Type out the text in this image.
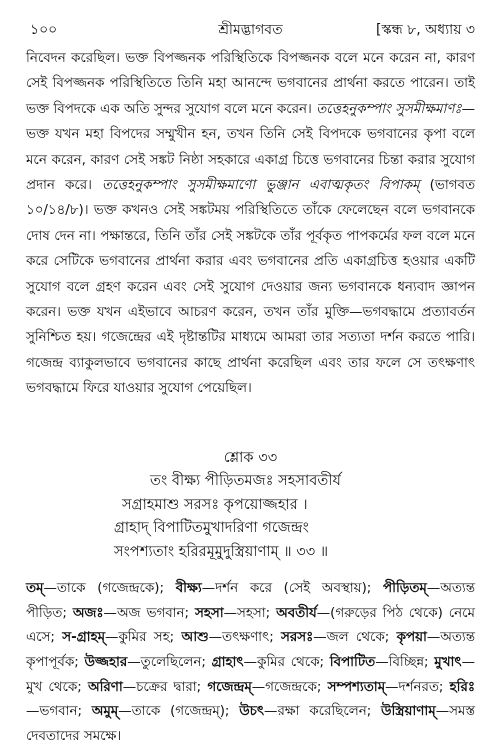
১০০	শ্রীমদ্ভাগবত	[স্কন্ধ ৮, অধ্যায় ৩

নিবেদন করেছিল। ভক্ত বিপজ্জনক পরিস্থিতিকে বিপজ্জনক বলে মনে করেন না, কারণ সেই বিপজ্জনক পরিস্থিতিতে তিনি মহা আনন্দে ভগবানের প্রার্থনা করতে পারেন। তাই ভক্ত বিপদকে এক অতি সুন্দর সুযোগ বলে মনে করেন। তত্তেহনুকম্পাং সুসমীক্ষমাণঃ—ভক্ত যখন মহা বিপদের সম্মুখীন হন, তখন তিনি সেই বিপদকে ভগবানের কৃপা বলে মনে করেন, কারণ সেই সঙ্কট নিষ্ঠা সহকারে একাগ্র চিত্তে ভগবানের চিন্তা করার সুযোগ প্রদান করে। তত্তেহনুকম্পাং সুসমীক্ষমাণো ভুঞ্জান এবাত্মকৃতং বিপাকম্ (ভাগবত ১০/১৪/৮)। ভক্ত কখনও সেই সঙ্কটময় পরিস্থিতিতে তাঁকে ফেলেছেন বলে ভগবানকে দোষ দেন না। পক্ষান্তরে, তিনি তাঁর সেই সঙ্কটকে তাঁর পূর্বকৃত পাপকর্মের ফল বলে মনে করে সেটিকে ভগবানের প্রার্থনা করার এবং ভগবানের প্রতি একাগ্রচিত্ত হওয়ার একটি সুযোগ বলে গ্রহণ করেন এবং সেই সুযোগ দেওয়ার জন্য ভগবানকে ধন্যবাদ জ্ঞাপন করেন। ভক্ত যখন এইভাবে আচরণ করেন, তখন তাঁর মুক্তি—ভগবদ্ধামে প্রত্যাবর্তন সুনিশ্চিত হয়। গজেন্দ্রের এই দৃষ্টান্তটির মাধ্যমে আমরা তার সত্যতা দর্শন করতে পারি। গজেন্দ্র ব্যাকুলভাবে ভগবানের কাছে প্রার্থনা করেছিল এবং তার ফলে সে তৎক্ষণাৎ ভগবদ্ধামে ফিরে যাওয়ার সুযোগ পেয়েছিল।

শ্লোক ৩৩
তং বীক্ষ্য পীড়িতমজঃ সহসাবতীর্য
সগ্রাহমাশু সরসঃ কৃপয়োজ্জহার ।
গ্রাহাদ্ বিপাটিতমুখাদরিণা গজেন্দ্রং
সংপশ্যতাং হরিরমূমুদুস্ত্রিয়াণাম্ ॥ ৩৩ ॥
তম্—তাকে (গজেন্দ্রকে); বীক্ষ্য—দর্শন করে (সেই অবস্থায়); পীড়িতম্—অত্যন্ত পীড়িত; অজঃ—অজ ভগবান; সহসা—সহসা; অবতীর্য—(গরুড়ের পিঠ থেকে) নেমে এসে; স-গ্রাহম্—কুমির সহ; আশু—তৎক্ষণাৎ; সরসঃ—জল থেকে; কৃপয়া—অত্যন্ত কৃপাপূর্বক; উজ্জহার—তুলেছিলেন; গ্রাহাৎ—কুমির থেকে; বিপাটিত—বিচ্ছিন্ন; মুখাৎ—মুখ থেকে; অরিণা—চক্রের দ্বারা; গজেন্দ্রম্—গজেন্দ্রকে; সম্পশ্যতাম্—দর্শনরত; হরিঃ—ভগবান; অমুম্—তাকে (গজেন্দ্রম্); উচৎ—রক্ষা করেছিলেন; উস্ত্রিয়াণাম্—সমস্ত দেবতাদের সমক্ষে।
